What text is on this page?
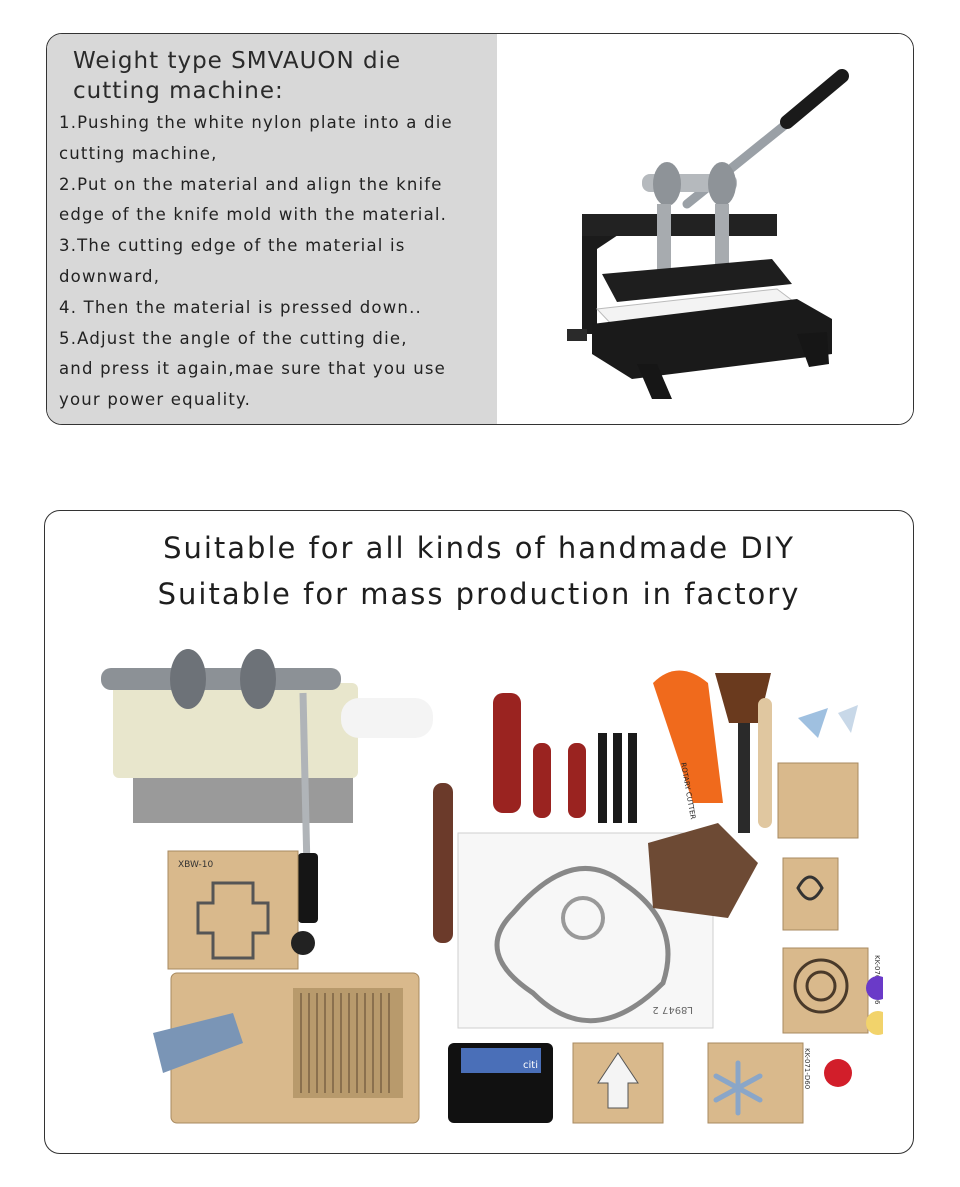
Weight type SMVAUON die
cutting machine:
1.Pushing the white nylon plate into a die
cutting machine,
2.Put on the material and align the knife
edge of the knife mold with the material.
3.The cutting edge of the material is
downward,
4. Then the material is pressed down..
5.Adjust the angle of the cutting die,
and press it again,mae sure that you use
your power equality.
Suitable for all kinds of handmade DIY
Suitable for mass production in factory
XBW-10
ROTARY CUTTER
L8947 2
citi	KK-071-D60
